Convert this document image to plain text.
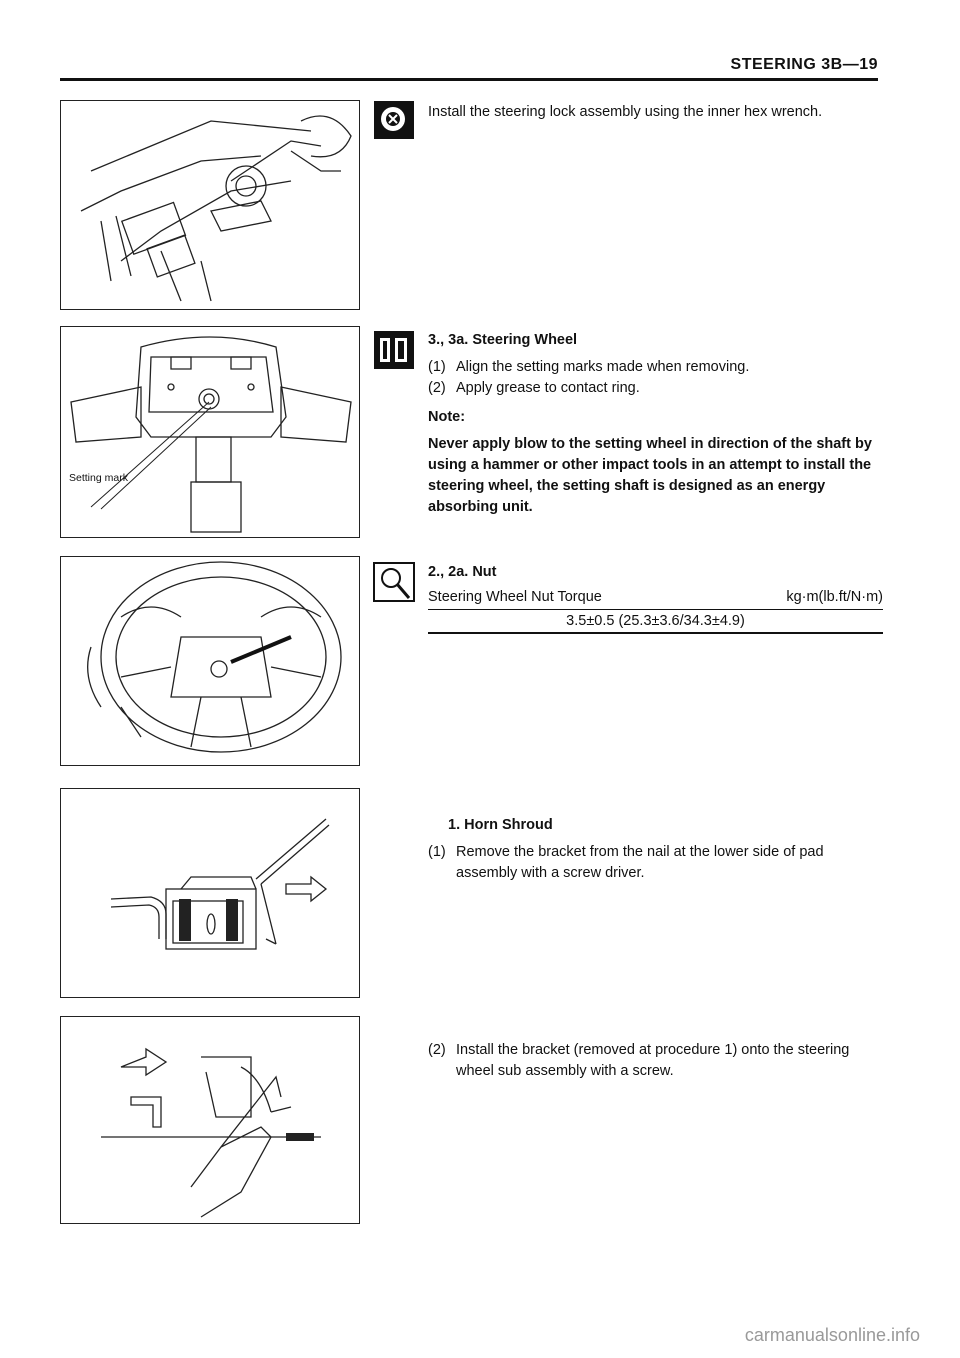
STEERING 3B—19
Install the steering lock assembly using the inner hex wrench.
Setting mark
3., 3a. Steering Wheel
(1) Align the setting marks made when removing.
(2) Apply grease to contact ring.
Note:
Never apply blow to the setting wheel in direction of the shaft by using a hammer or other impact tools in an attempt to install the steering wheel, the setting shaft is designed as an energy absorbing unit.
2., 2a. Nut
Steering Wheel Nut Torque	kg·m(lb.ft/N·m)
3.5±0.5 (25.3±3.6/34.3±4.9)
1. Horn Shroud
(1) Remove the bracket from the nail at the lower side of pad assembly with a screw driver.
(2) Install the bracket (removed at procedure 1) onto the steering wheel sub assembly with a screw.
carmanualsonline.info
